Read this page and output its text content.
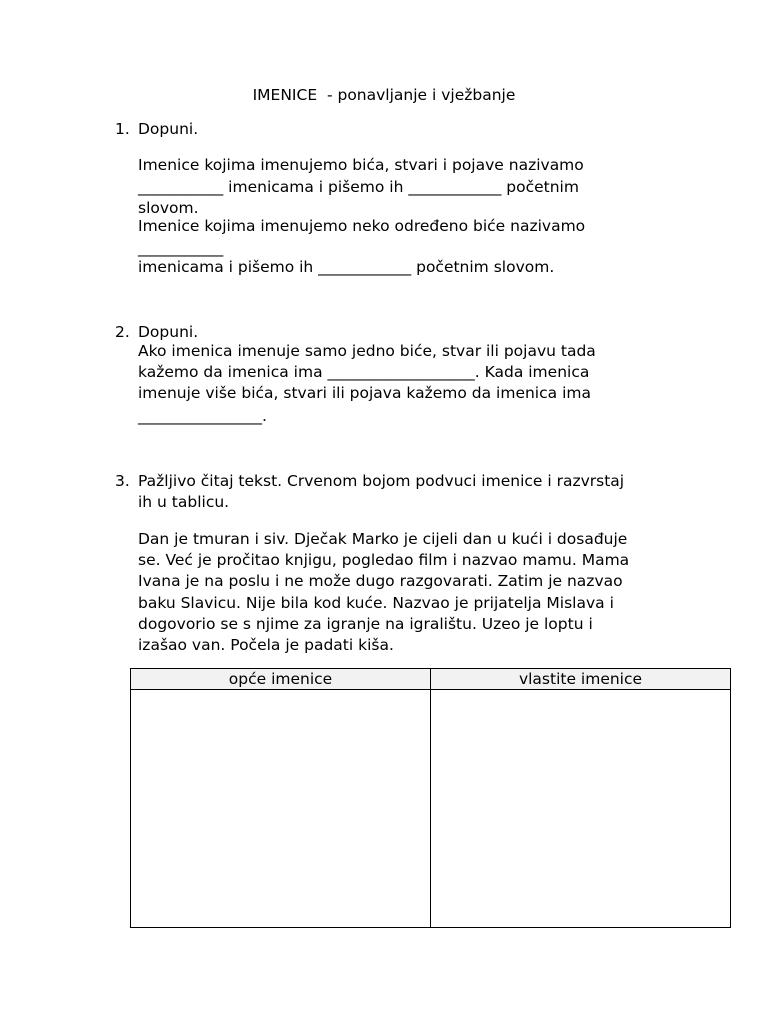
IMENICE  - ponavljanje i vježbanje
1. Dopuni.
Imenice kojima imenujemo bića, stvari i pojave nazivamo
___________ imenicama i pišemo ih ____________ početnim
slovom.
Imenice kojima imenujemo neko određeno biće nazivamo
___________
imenicama i pišemo ih ____________ početnim slovom.
2. Dopuni.
Ako imenica imenuje samo jedno biće, stvar ili pojavu tada
kažemo da imenica ima ___________________. Kada imenica
imenuje više bića, stvari ili pojava kažemo da imenica ima
________________.
3. Pažljivo čitaj tekst. Crvenom bojom podvuci imenice i razvrstaj
ih u tablicu.
Dan je tmuran i siv. Dječak Marko je cijeli dan u kući i dosađuje
se. Već je pročitao knjigu, pogledao film i nazvao mamu. Mama
Ivana je na poslu i ne može dugo razgovarati. Zatim je nazvao
baku Slavicu. Nije bila kod kuće. Nazvao je prijatelja Mislava i
dogovorio se s njime za igranje na igralištu. Uzeo je loptu i
izašao van. Počela je padati kiša.
opće imenice	vlastite imenice
